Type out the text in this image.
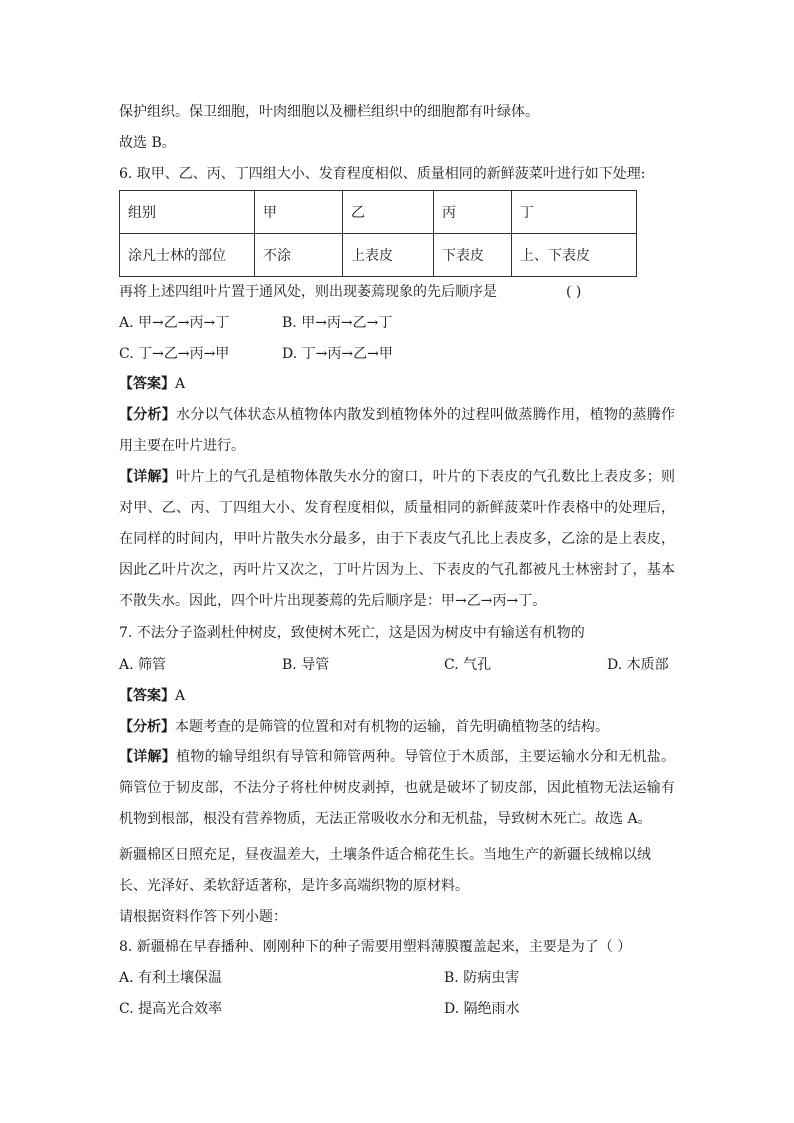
保护组织。保卫细胞，叶肉细胞以及栅栏组织中的细胞都有叶绿体。
故选 B。
6. 取甲、乙、丙、丁四组大小、发育程度相似、质量相同的新鲜菠菜叶进行如下处理:
组别	甲	乙	丙	丁
涂凡士林的部位	不涂	上表皮	下表皮	上、下表皮
再将上述四组叶片置于通风处，则出现萎蔫现象的先后顺序是	( )
A. 甲→乙→丙→丁	B. 甲→丙→乙→丁
C. 丁→乙→丙→甲	D. 丁→丙→乙→甲
【答案】A
【分析】水分以气体状态从植物体内散发到植物体外的过程叫做蒸腾作用，植物的蒸腾作用主要在叶片进行。
【详解】叶片上的气孔是植物体散失水分的窗口，叶片的下表皮的气孔数比上表皮多；则对甲、乙、丙、丁四组大小、发育程度相似，质量相同的新鲜菠菜叶作表格中的处理后，在同样的时间内，甲叶片散失水分最多，由于下表皮气孔比上表皮多，乙涂的是上表皮，因此乙叶片次之，丙叶片又次之，丁叶片因为上、下表皮的气孔都被凡士林密封了，基本不散失水。因此，四个叶片出现萎蔫的先后顺序是：甲→乙→丙→丁。
7. 不法分子盗剥杜仲树皮，致使树木死亡，这是因为树皮中有输送有机物的
A. 筛管	B. 导管	C. 气孔	D. 木质部
【答案】A
【分析】本题考查的是筛管的位置和对有机物的运输，首先明确植物茎的结构。
【详解】植物的输导组织有导管和筛管两种。导管位于木质部，主要运输水分和无机盐。筛管位于韧皮部，不法分子将杜仲树皮剥掉，也就是破坏了韧皮部，因此植物无法运输有机物到根部，根没有营养物质，无法正常吸收水分和无机盐，导致树木死亡。故选 A。
新疆棉区日照充足，昼夜温差大，土壤条件适合棉花生长。当地生产的新疆长绒棉以绒
长、光泽好、柔软舒适著称，是许多高端织物的原材料。
请根据资料作答下列小题：
8. 新疆棉在早春播种、刚刚种下的种子需要用塑料薄膜覆盖起来，主要是为了（ ）
A. 有利土壤保温	B. 防病虫害
C. 提高光合效率	D. 隔绝雨水
